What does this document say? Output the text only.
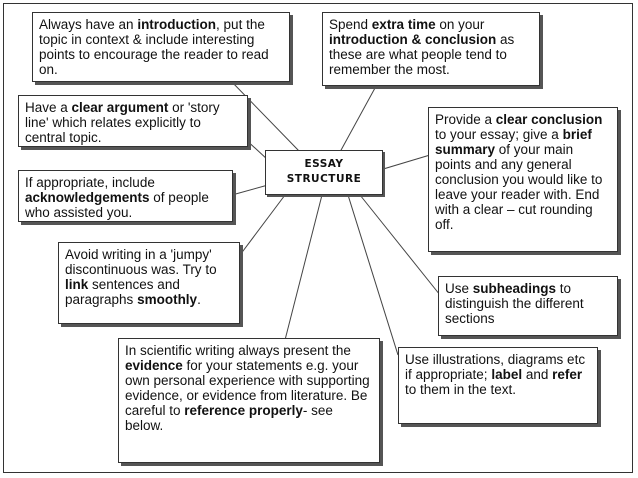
ESSAY
STRUCTURE
Always have an introduction, put the topic in context & include interesting points to encourage the reader to read on.
Spend extra time on your introduction & conclusion as these are what people tend to remember the most.
Have a clear argument or 'story line' which relates explicitly to central topic.
Provide a clear conclusion to your essay; give a brief summary of your main points and any general conclusion you would like to leave your reader with. End with a clear – cut rounding off.
If appropriate, include acknowledgements of people who assisted you.
Avoid writing in a 'jumpy' discontinuous was. Try to link sentences and paragraphs smoothly.
Use subheadings to distinguish the different sections
In scientific writing always present the evidence for your statements e.g. your own personal experience with supporting evidence, or evidence from literature. Be careful to reference properly- see below.
Use illustrations, diagrams etc if appropriate; label and refer to them in the text.
